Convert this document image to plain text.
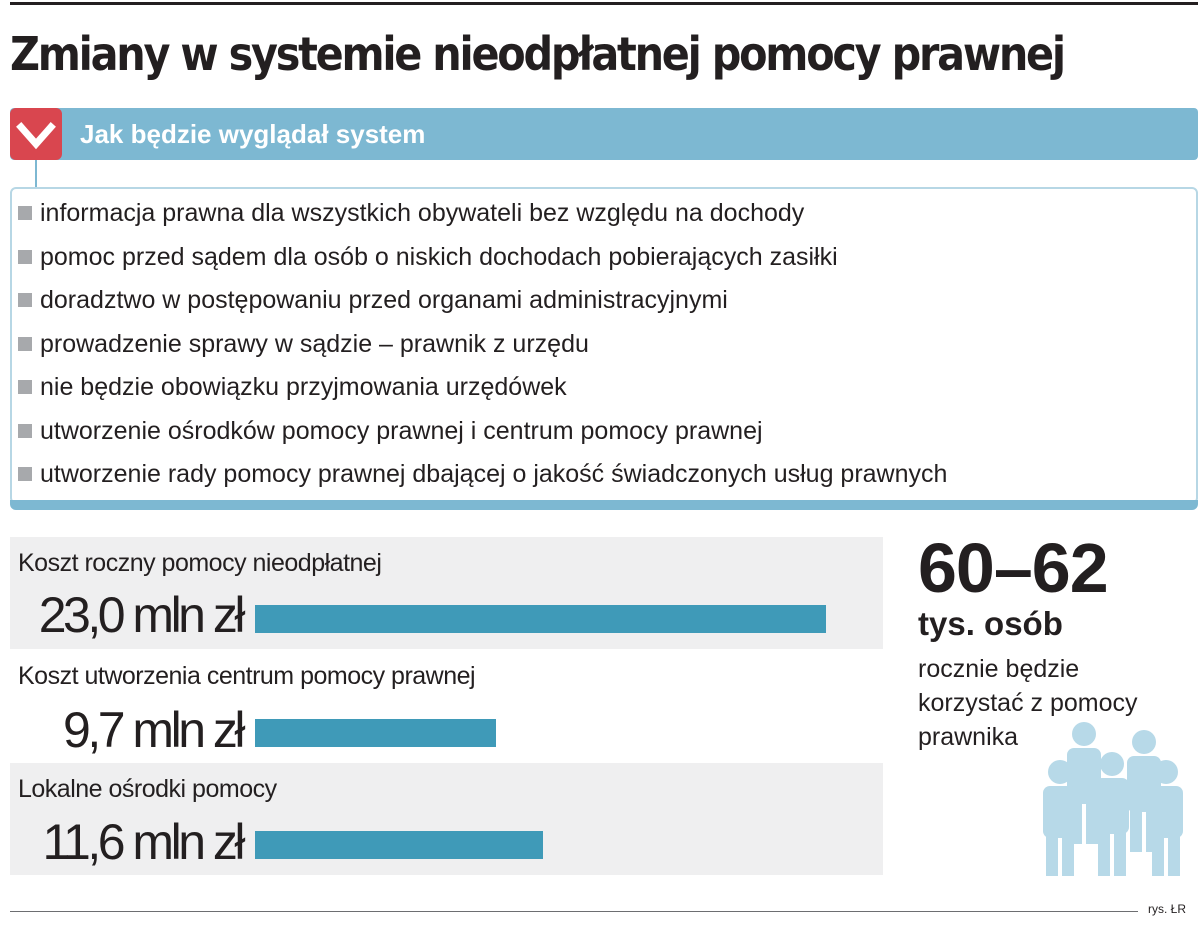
Zmiany w systemie nieodpłatnej pomocy prawnej
Jak będzie wyglądał system
informacja prawna dla wszystkich obywateli bez względu na dochody
pomoc przed sądem dla osób o niskich dochodach pobierających zasiłki
doradztwo w postępowaniu przed organami administracyjnymi
prowadzenie sprawy w sądzie – prawnik z urzędu
nie będzie obowiązku przyjmowania urzędówek
utworzenie ośrodków pomocy prawnej i centrum pomocy prawnej
utworzenie rady pomocy prawnej dbającej o jakość świadczonych usług prawnych
Koszt roczny pomocy nieodpłatnej
23,0 mln zł
Koszt utworzenia centrum pomocy prawnej
9,7 mln zł
Lokalne ośrodki pomocy
11,6 mln zł
60–62
tys. osób
rocznie będzie korzystać z pomocy prawnika
rys. ŁR
